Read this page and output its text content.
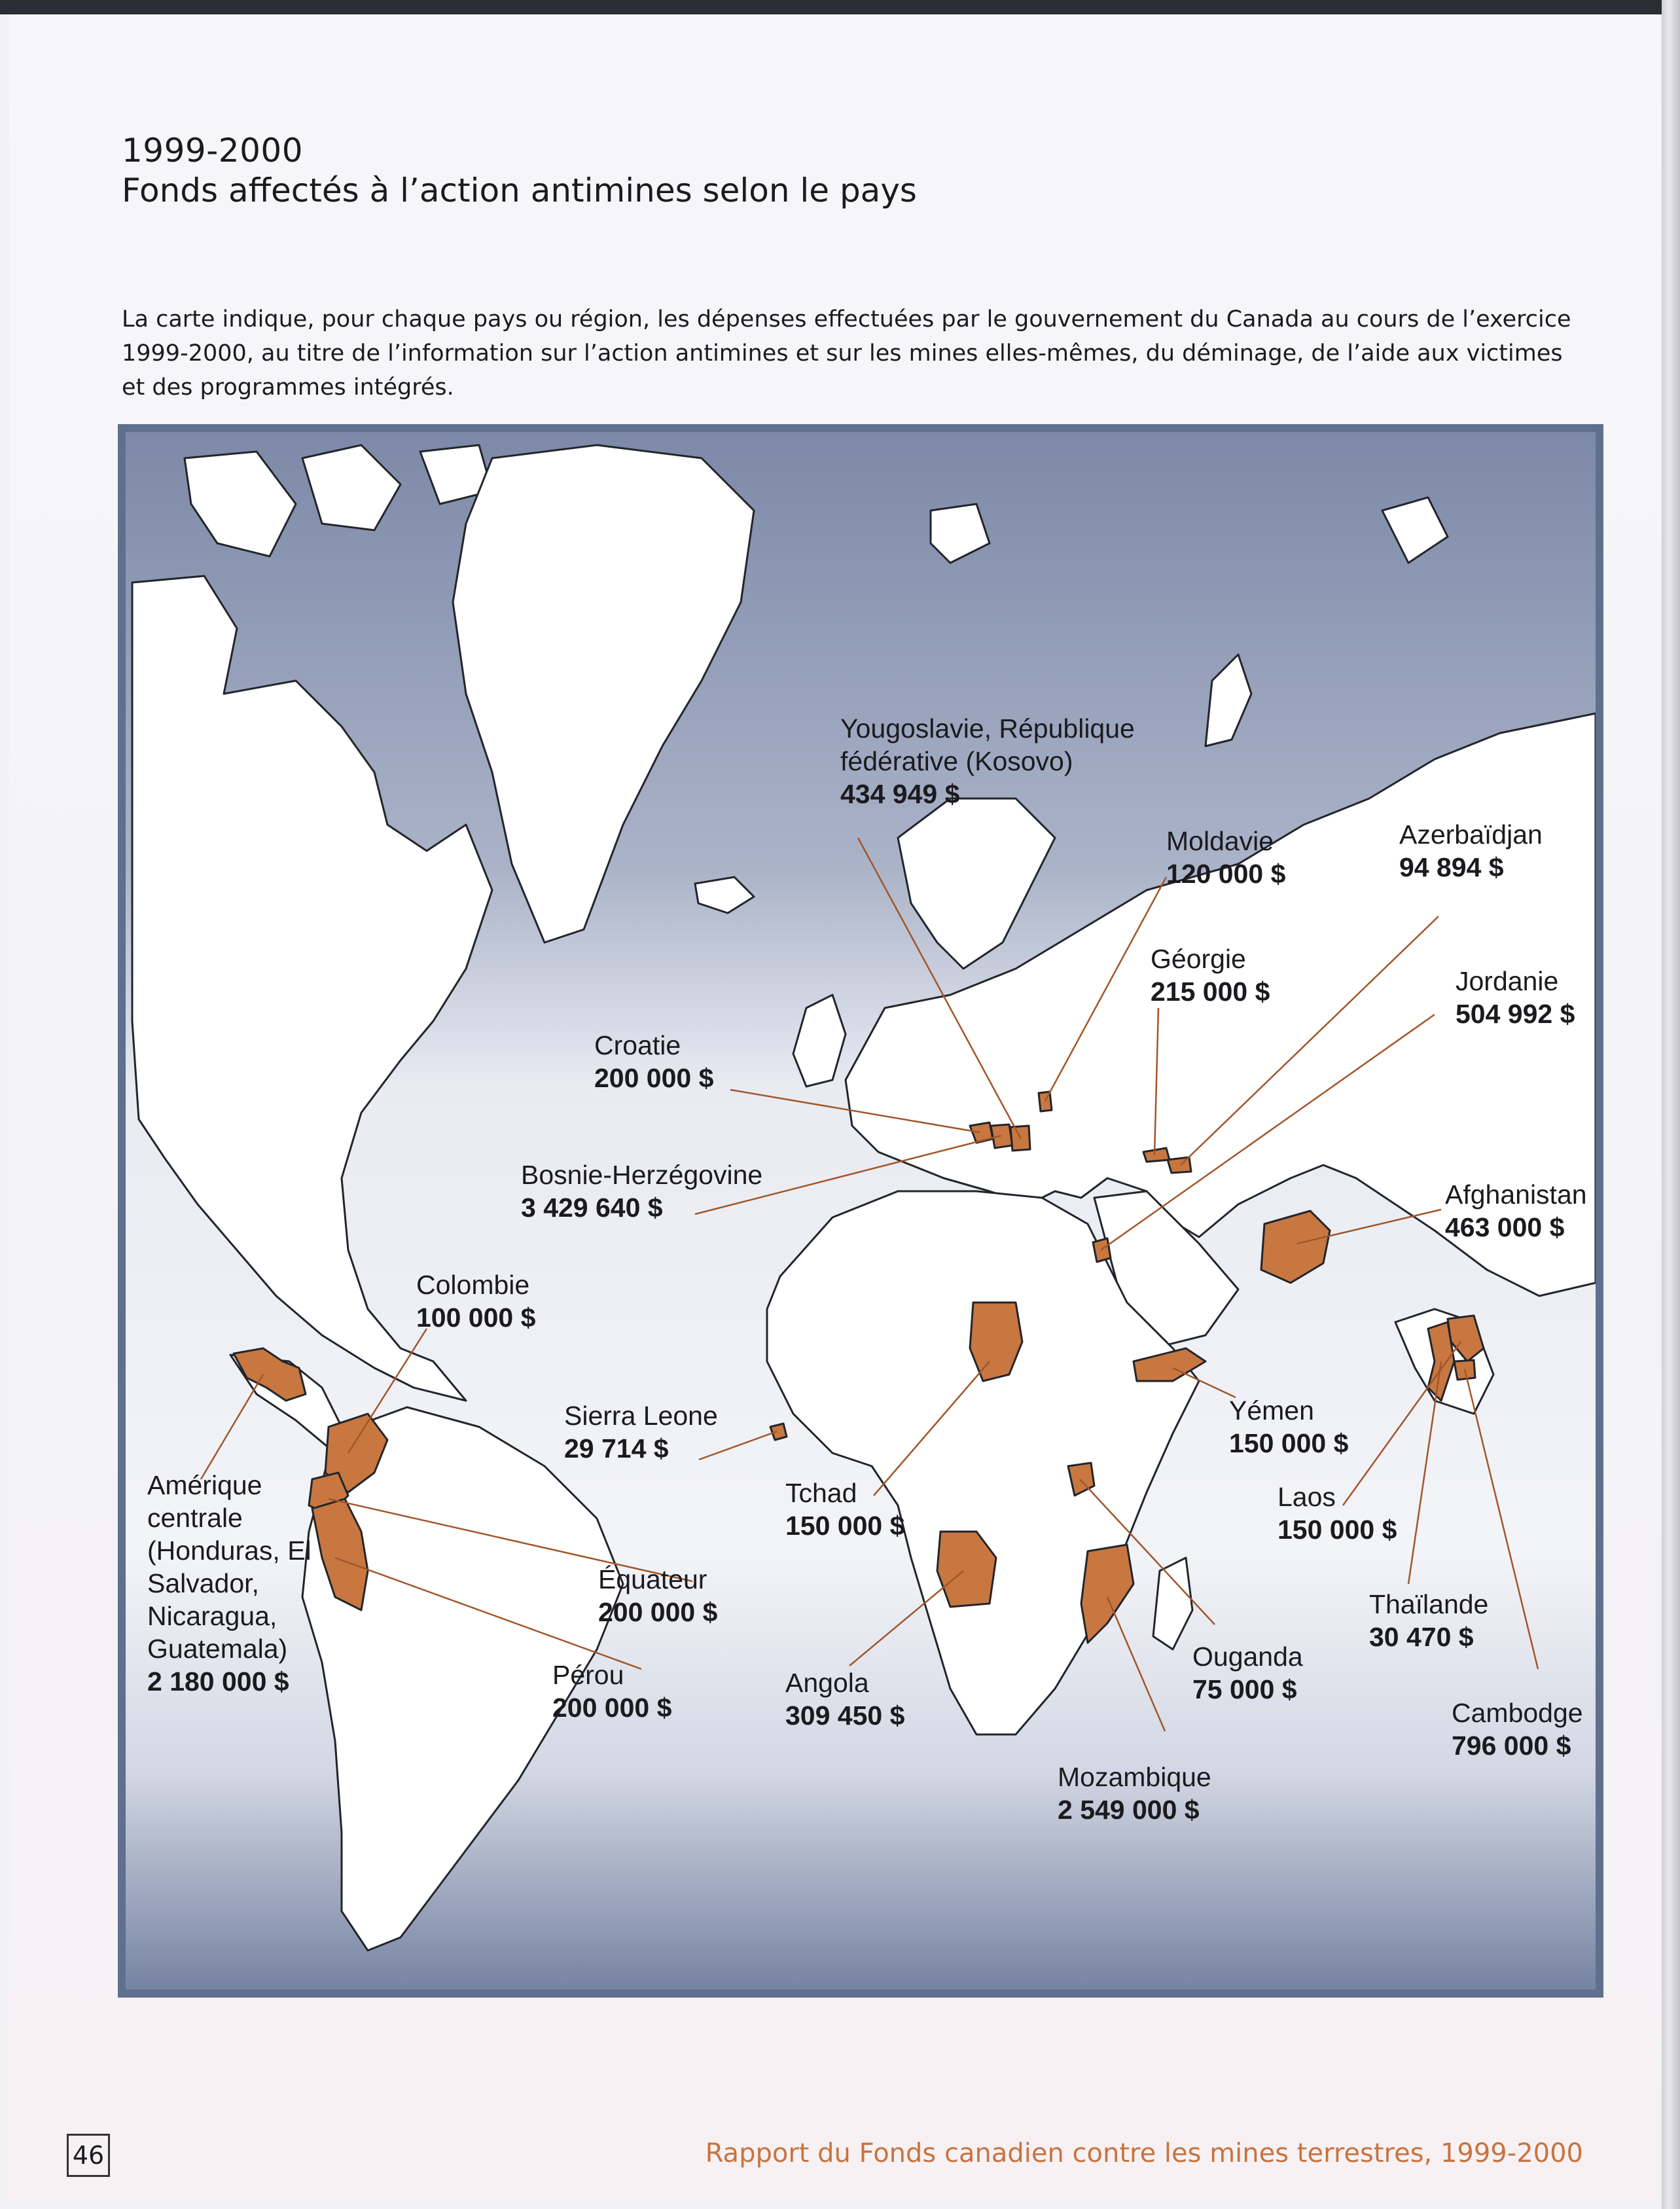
1999-2000
Fonds affectés à l’action antimines selon le pays
La carte indique, pour chaque pays ou région, les dépenses effectuées par le gouvernement du Canada au cours de l’exercice 1999-2000, au titre de l’information sur l’action antimines et sur les mines elles-mêmes, du déminage, de l’aide aux victimes et des programmes intégrés.
Yougoslavie, République fédérative (Kosovo)
434 949 $
Moldavie
120 000 $
Azerbaïdjan
94 894 $
Géorgie
215 000 $	Jordanie
504 992 $
Croatie
200 000 $
Bosnie-Herzégovine
3 429 640 $	Afghanistan
463 000 $
Colombie
100 000 $
Sierra Leone
29 714 $
Yémen
150 000 $
Amérique centrale (Honduras, El Salvador, Nicaragua, Guatemala)
2 180 000 $
Tchad
150 000 $
Laos
150 000 $
Équateur
200 000 $	Thaïlande
30 470 $
Ouganda
75 000 $
Pérou
200 000 $
Angola
309 450 $	Cambodge
796 000 $
Mozambique
2 549 000 $
46	Rapport du Fonds canadien contre les mines terrestres, 1999-2000
